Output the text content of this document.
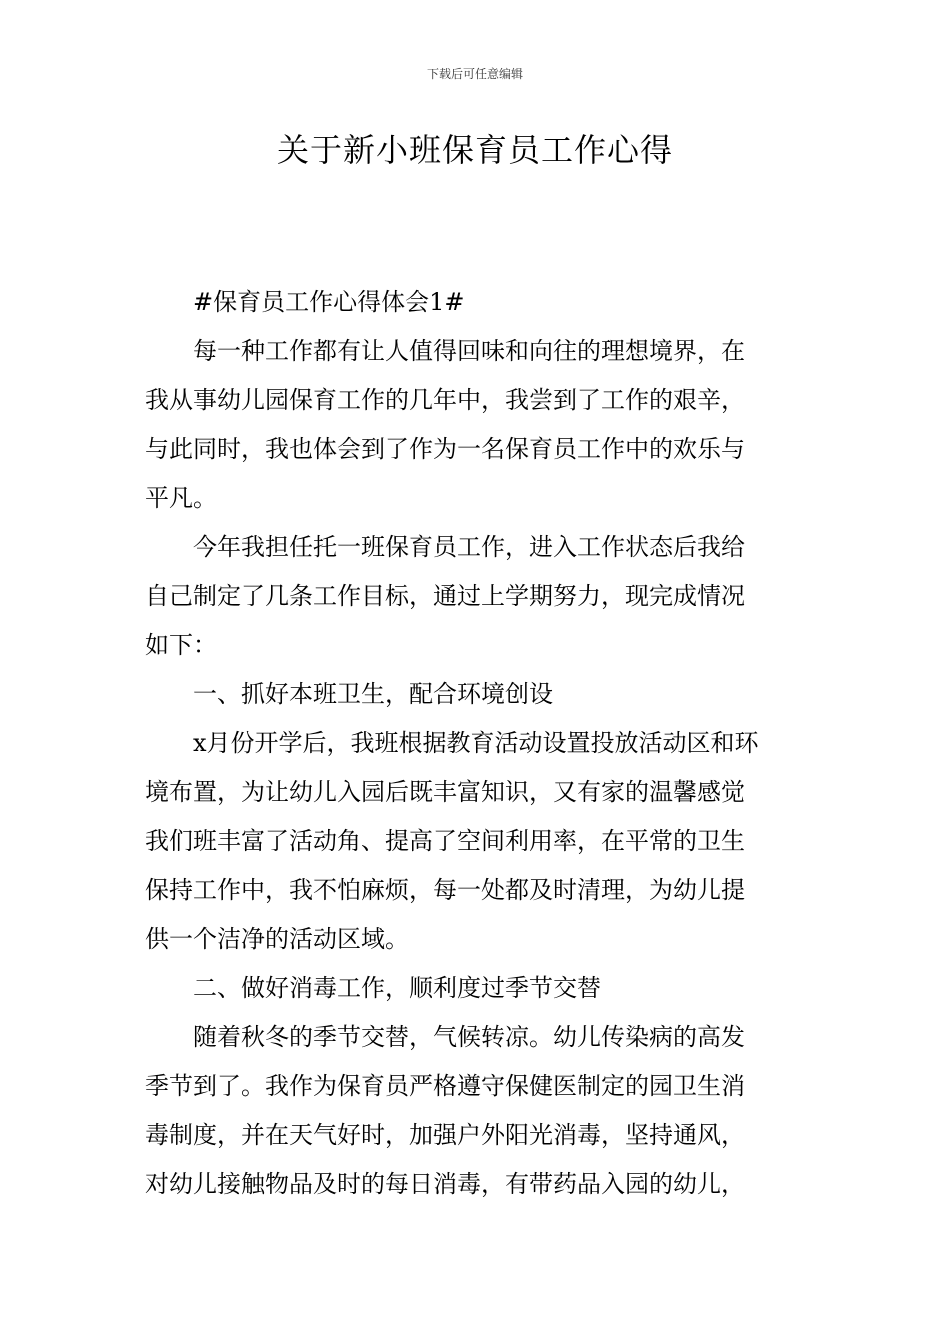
下载后可任意编辑
关于新小班保育员工作心得

#保育员工作心得体会1#

每一种工作都有让人值得回味和向往的理想境界，在
我从事幼儿园保育工作的几年中，我尝到了工作的艰辛，
与此同时，我也体会到了作为一名保育员工作中的欢乐与
平凡。

今年我担任托一班保育员工作，进入工作状态后我给
自己制定了几条工作目标，通过上学期努力，现完成情况
如下：

一、抓好本班卫生，配合环境创设

x月份开学后，我班根据教育活动设置投放活动区和环
境布置，为让幼儿入园后既丰富知识，又有家的温馨感觉
我们班丰富了活动角、提高了空间利用率，在平常的卫生
保持工作中，我不怕麻烦，每一处都及时清理，为幼儿提
供一个洁净的活动区域。

二、做好消毒工作，顺利度过季节交替

随着秋冬的季节交替，气候转凉。幼儿传染病的高发
季节到了。我作为保育员严格遵守保健医制定的园卫生消
毒制度，并在天气好时，加强户外阳光消毒，坚持通风，
对幼儿接触物品及时的每日消毒，有带药品入园的幼儿，
